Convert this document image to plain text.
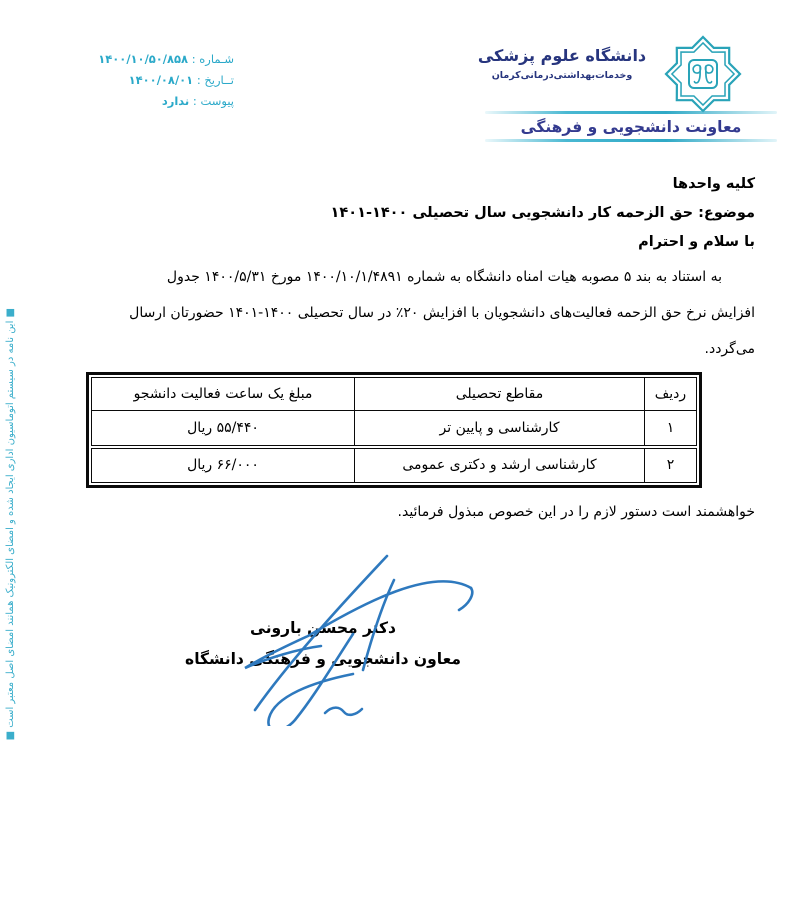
شـماره : ۱۴۰۰/۱۰/۵۰/۸۵۸
تــاریخ : ۱۴۰۰/۰۸/۰۱
پیوست : ندارد
دانشگاه علوم پزشکی
وخدمات‌بهداشتی‌درمانی‌کرمان
معاونت دانشجویی و فرهنگی
کلیه واحدها
موضوع: حق الزحمه کار دانشجویی سال تحصیلی ۱۴۰۰-۱۴۰۱
با سلام و احترام
به استناد به بند ۵ مصوبه هیات امناه دانشگاه به شماره ۱۴۰۰/۱۰/۱/۴۸۹۱ مورخ ۱۴۰۰/۵/۳۱ جدول
افزایش نرخ حق الزحمه فعالیت‌های دانشجویان با افزایش ۲۰٪ در سال تحصیلی ۱۴۰۰-۱۴۰۱ حضورتان ارسال
می‌گردد.
ردیف	مقاطع تحصیلی	مبلغ یک ساعت فعالیت دانشجو
۱	کارشناسی و پایین تر	۵۵/۴۴۰ ریال
۲	کارشناسی ارشد و دکتری عمومی	۶۶/۰۰۰ ریال
خواهشمند است دستور لازم را در این خصوص مبذول فرمائید.
دکتر محسن بارونی
معاون دانشجویی و فرهنگی دانشگاه
■ این نامه در سیستم اتوماسیون اداری ایجاد شده و امضای الکترونیک همانند امضای اصل معتبر است ■
